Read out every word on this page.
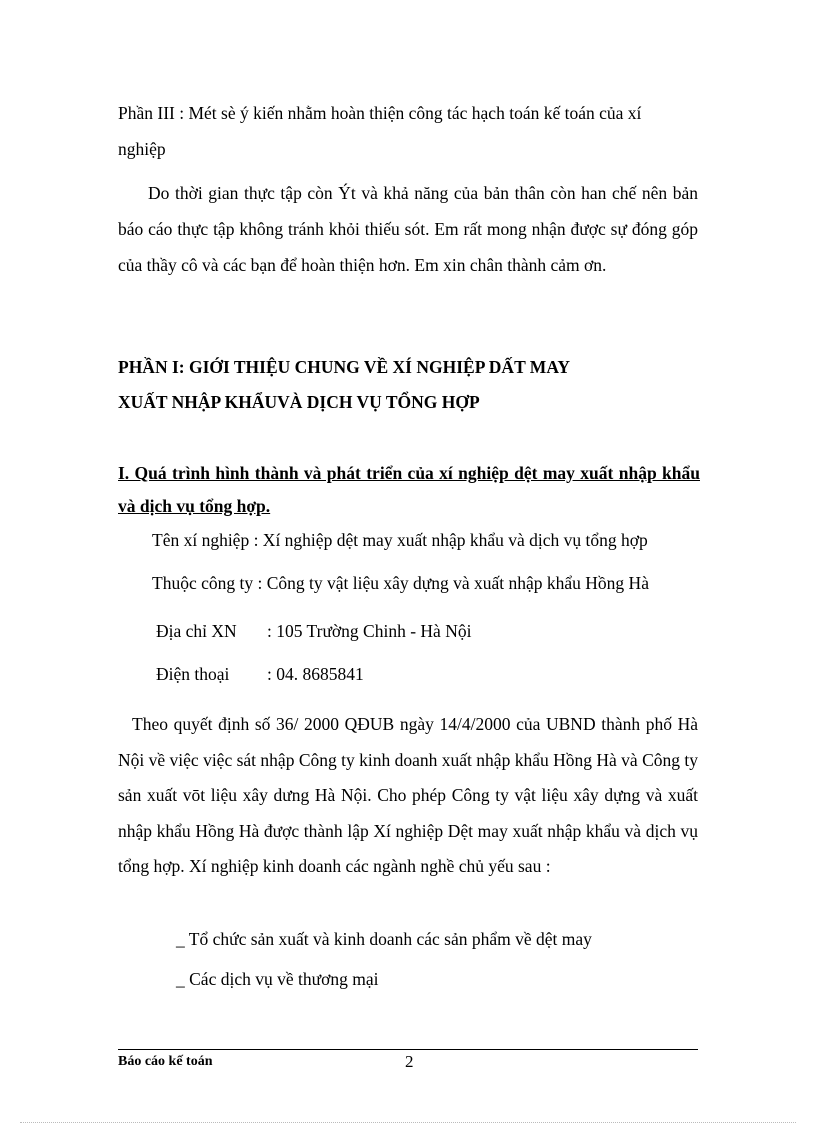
Phần III : Mét sè ý kiến nhằm hoàn thiện công tác hạch toán kế toán của xí
nghiệp
Do thời gian thực tập còn Ýt và khả năng của bản thân còn han chế nên bản báo cáo thực tập không tránh khỏi thiếu sót. Em rất mong nhận được sự đóng góp của thầy cô và các bạn để hoàn thiện hơn. Em xin chân thành cảm ơn.
PHẦN I: GIỚI THIỆU CHUNG VỀ XÍ NGHIỆP DẤT MAY
XUẤT NHẬP KHẨUVÀ DỊCH VỤ TỔNG HỢP
I. Quá trình hình thành và phát triển của xí nghiệp dệt may xuất nhập khẩu và dịch vụ tổng hợp.
Tên xí nghiệp : Xí nghiệp dệt may xuất nhập khẩu và dịch vụ tổng hợp
Thuộc công ty : Công ty vật liệu xây dựng và xuất nhập khẩu Hồng Hà
Địa chỉ XN : 105 Trường Chinh - Hà Nội
Điện thoại : 04. 8685841
Theo quyết định số 36/ 2000 QĐUB ngày 14/4/2000 của UBND thành phố Hà Nội về việc việc sát nhập Công ty kinh doanh xuất nhập khẩu Hồng Hà và Công ty sản xuất vōt liệu xây dưng Hà Nội. Cho phép Công ty vật liệu xây dựng và xuất nhập khẩu Hồng Hà được thành lập Xí nghiệp Dệt may xuất nhập khẩu và dịch vụ tổng hợp. Xí nghiệp kinh doanh các ngành nghề chủ yếu sau :
_ Tổ chức sản xuất và kinh doanh các sản phẩm về dệt may
_ Các dịch vụ về thương mại
Báo cáo kế toán	2
